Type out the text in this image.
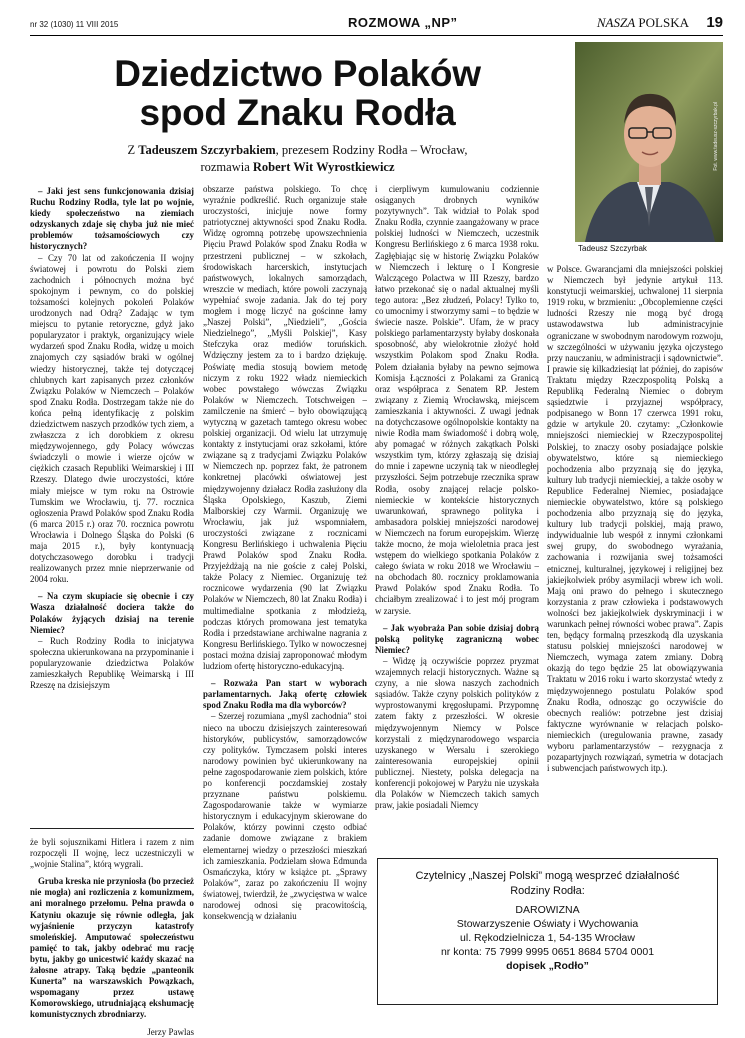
nr 32 (1030) 11 VIII 2015	ROZMOWA „NP”	NASZA POLSKA 19
Dziedzictwo Polaków
spod Znaku Rodła
Z Tadeuszem Szczyrbakiem, prezesem Rodziny Rodła – Wrocław,
rozmawia Robert Wit Wyrostkiewicz	Fot. www.tadeusz-szczyrbak.pl
Tadeusz Szczyrbak

– Jaki jest sens funkcjonowania dzisiaj Ruchu Rodziny Rodła, tyle lat po wojnie, kiedy społeczeństwo na ziemiach odzyskanych zdaje się chyba już nie mieć problemów tożsamościowych czy historycznych?

– Czy 70 lat od zakończenia II wojny światowej i powrotu do Polski ziem zachodnich i północnych można być spokojnym i pewnym, co do polskiej tożsamości kolejnych pokoleń Polaków urodzonych nad Odrą? Zadając w tym miejscu to pytanie retoryczne, gdyż jako popularyzator i praktyk, organizujący wiele wydarzeń spod Znaku Rodła, widzę u moich znajomych czy sąsiadów braki w ogólnej wiedzy historycznej, także tej dotyczącej chlubnych kart zapisanych przez członków Związku Polaków w Niemczech – Polaków spod Znaku Rodła. Dostrzegam także nie do końca pełną identyfikację z polskim dziedzictwem naszych przodków tych ziem, a zwłaszcza z ich dorobkiem z okresu międzywojennego, gdy Polacy wówczas świadczyli o mowie i wierze ojców w ciężkich czasach Republiki Weimarskiej i III Rzeszy. Dlatego dwie uroczystości, które miały miejsce w tym roku na Ostrowie Tumskim we Wrocławiu, tj. 77. rocznica ogłoszenia Prawd Polaków spod Znaku Rodła (6 marca 2015 r.) oraz 70. rocznica powrotu Wrocławia i Dolnego Śląska do Polski (6 maja 2015 r.), były kontynuacją dotychczasowego dorobku i tradycji realizowanych przez mnie nieprzerwanie od 2004 roku.

– Na czym skupiacie się obecnie i czy Wasza działalność dociera także do Polaków żyjących dzisiaj na terenie Niemiec?

– Ruch Rodziny Rodła to inicjatywa społeczna ukierunkowana na przypominanie i popularyzowanie dziedzictwa Polaków zamieszkałych Republikę Weimarską i III Rzeszę na dzisiejszym

że byli sojusznikami Hitlera i razem z nim rozpoczęli II wojnę, lecz uczestniczyli w „wojnie Stalina”, którą wygrali.

Gruba kreska nie przyniosła (bo przecież nie mogła) ani rozliczenia z komunizmem, ani moralnego przełomu. Pełna prawda o Katyniu okazuje się równie odległa, jak wyjaśnienie przyczyn katastrofy smoleńskiej. Amputować społeczeństwu pamięć to tak, jakby odebrać mu rację bytu, jakby go unicestwić kaźdy skazać na żałosne atrapy. Taką będzie „panteonik Kunerta” na warszawskich Powązkach, wspomagany przez ustawę Komorowskiego, utrudniającą ekshumację komunistycznych zbrodniarzy.

Jerzy Pawlas

obszarze państwa polskiego. To chcę wyraźnie podkreślić. Ruch organizuje stałe uroczystości, inicjuje nowe formy patriotycznej aktywności spod Znaku Rodła. Widzę ogromną potrzebę upowszechnienia Pięciu Prawd Polaków spod Znaku Rodła w przestrzeni publicznej – w szkołach, środowiskach harcerskich, instytucjach państwowych, lokalnych samorządach, wreszcie w mediach, które powoli zaczynają wypełniać swoje zadania. Jak do tej pory mogłem i mogę liczyć na gościnne łamy „Naszej Polski”, „Niedzieli”, „Gościa Niedzielnego”, „Myśli Polskiej”, Kasy Stefczyka oraz mediów toruńskich. Wdzięczny jestem za to i bardzo dziękuję. Poświatę media stosują bowiem metodę niczym z roku 1922 władz niemieckich wobec powstałego wówczas Związku Polaków w Niemczech. Totschweigen – zamilczenie na śmierć – było obowiązującą wytyczną w gazetach tamtego okresu wobec polskiej organizacji. Od wielu lat utrzymuję kontakty z instytucjami oraz szkołami, które związane są z tradycjami Związku Polaków w Niemczech np. poprzez fakt, że patronem konkretnej placówki oświatowej jest międzywojenny działacz Rodła zasłużony dla Śląska Opolskiego, Kaszub, Ziemi Malborskiej czy Warmii. Organizuję we Wrocławiu, jak już wspomniałem, uroczystości związane z rocznicami Kongresu Berlińskiego i uchwalenia Pięciu Prawd Polaków spod Znaku Rodła. Przyjeżdżają na nie goście z całej Polski, także Polacy z Niemiec. Organizuję też rocznicowe wydarzenia (90 lat Związku Polaków w Niemczech, 80 lat Znaku Rodła) i multimedialne spotkania z młodzieżą, podczas których promowana jest tematyka Rodła i przedstawiane archiwalne nagrania z Kongresu Berlińskiego. Tylko w nowoczesnej postaci można dzisiaj zaproponować młodym ludziom ofertę historyczno-edukacyjną.

– Rozważa Pan start w wyborach parlamentarnych. Jaką ofertę człowiek spod Znaku Rodła ma dla wyborców?

– Szerzej rozumiana „myśl zachodnia” stoi nieco na uboczu dzisiejszych zainteresowań historyków, publicystów, samorządowców czy polityków. Tymczasem polski interes narodowy powinien być ukierunkowany na pełne zagospodarowanie ziem polskich, które po konferencji poczdamskiej zostały przyznane państwu polskiemu. Zagospodarowanie także w wymiarze historycznym i edukacyjnym skierowane do Polaków, którzy powinni często odbiać zadanie domowe związane z brakiem elementarnej wiedzy o przeszłości mieszkań ich zamieszkania. Podzielam słowa Edmunda Osmańczyka, który w książce pt. „Sprawy Polaków”, zaraz po zakończeniu II wojny światowej, twierdził, że „zwycięstwa w walce narodowej odnosi się pracowitością, konsekwencją w działaniu

i cierpliwym kumulowaniu codziennie osiąganych drobnych wyników pozytywnych”. Tak widział to Polak spod Znaku Rodła, czynnie zaangażowany w prace polskiej ludności w Niemczech, uczestnik Kongresu Berlińskiego z 6 marca 1938 roku. Zagłębiając się w historię Związku Polaków w Niemczech i lekturę o I Kongresie Walczącego Polactwa w III Rzeszy, bardzo łatwo przekonać się o nadal aktualnej myśli tego autora: „Bez złudzeń, Polacy! Tylko to, co umocnimy i stworzymy sami – to będzie w świecie nasze. Polskie”. Ufam, że w pracy polskiego parlamentarzysty byłaby doskonała sposobność, aby wielokrotnie złożyć hołd wszystkim Polakom spod Znaku Rodła. Polem działania byłaby na pewno sejmowa Komisja Łączności z Polakami za Granicą oraz współpraca z Senatem RP. Jestem związany z Ziemią Wrocławską, miejscem zamieszkania i aktywności. Z uwagi jednak na dotychczasowe ogólnopolskie kontakty na niwie Rodła mam świadomość i dobrą wolę, aby pomagać w różnych zakątkach Polski wszystkim tym, którzy zgłaszają się dzisiaj do mnie i zapewne uczynią tak w nieodległej przyszłości. Sejm potrzebuje rzecznika spraw Rodła, osoby znającej relacje polsko-niemieckie w kontekście historycznych uwarunkowań, sprawnego polityka i ambasadora polskiej mniejszości narodowej w Niemczech na forum europejskim. Wierzę także mocno, że moja wieloletnia praca jest wstępem do wielkiego spotkania Polaków z całego świata w roku 2018 we Wrocławiu – na obchodach 80. rocznicy proklamowania Prawd Polaków spod Znaku Rodła. To chciałbym zrealizować i to jest mój program w zarysie.

– Jak wyobraża Pan sobie dzisiaj dobrą polską politykę zagraniczną wobec Niemiec?

– Widzę ją oczywiście poprzez pryzmat wzajemnych relacji historycznych. Ważne są czyny, a nie słowa naszych zachodnich sąsiadów. Także czyny polskich polityków z wyprostowanymi kręgosłupami. Przypomnę zatem fakty z przeszłości. W okresie międzywojennym Niemcy w Polsce korzystali z międzynarodowego wsparcia uzyskanego w Wersalu i szerokiego zainteresowania europejskiej opinii publicznej. Niestety, polska delegacja na konferencji pokojowej w Paryżu nie uzyskała dla Polaków w Niemczech takich samych praw, jakie posiadali Niemcy

w Polsce. Gwarancjami dla mniejszości polskiej w Niemczech był jedynie artykuł 113. konstytucji weimarskiej, uchwalonej 11 sierpnia 1919 roku, w brzmieniu: „Obcoplemienne części ludności Rzeszy nie mogą być drogą ustawodawstwa lub administracyjnie ograniczane w swobodnym narodowym rozwoju, w szczególności w używaniu języka ojczystego przy nauczaniu, w administracji i sądownictwie”. I prawie się kilkadziesiąt lat później, do zapisów Traktatu między Rzeczpospolitą Polską a Republiką Federalną Niemiec o dobrym sąsiedztwie i przyjaznej współpracy, podpisanego w Bonn 17 czerwca 1991 roku, gdzie w artykule 20. czytamy: „Członkowie mniejszości niemieckiej w Rzeczypospolitej Polskiej, to znaczy osoby posiadające polskie obywatelstwo, które są niemieckiego pochodzenia albo przyznają się do języka, kultury lub tradycji niemieckiej, a także osoby w Republice Federalnej Niemiec, posiadające niemieckie obywatelstwo, które są polskiego pochodzenia albo przyznają się do języka, kultury lub tradycji polskiej, mają prawo, indywidualnie lub wespół z innymi członkami swej grupy, do swobodnego wyrażania, zachowania i rozwijania swej tożsamości etnicznej, kulturalnej, językowej i religijnej bez jakiejkolwiek próby asymilacji wbrew ich woli. Mają oni prawo do pełnego i skutecznego korzystania z praw człowieka i podstawowych wolności bez jakiejkolwiek dyskryminacji i w warunkach pełnej równości wobec prawa”. Zapis ten, będący formalną przeszkodą dla uzyskania statusu polskiej mniejszości narodowej w Niemczech, wymaga zatem zmiany. Dobrą okazją do tego będzie 25 lat obowiązywania Traktatu w 2016 roku i warto skorzystać wtedy z międzywojennego postulatu Polaków spod Znaku Rodła, odnosząc go oczywiście do obecnych realiów: potrzebne jest dzisiaj faktyczne wyrównanie w relacjach polsko-niemieckich (uregulowania prawne, zasady wyboru parlamentarzystów – rezygnacja z pozapartyjnych rozwiązań, symetria w dotacjach i subwencjach państwowych itp.).

Czytelnicy „Naszej Polski” mogą wesprzeć działalność
Rodziny Rodła:
DAROWIZNA
Stowarzyszenie Oświaty i Wychowania
ul. Rękodzielnicza 1, 54-135 Wrocław
nr konta: 75 7999 9995 0651 8684 5704 0001
dopisek „Rodło”
